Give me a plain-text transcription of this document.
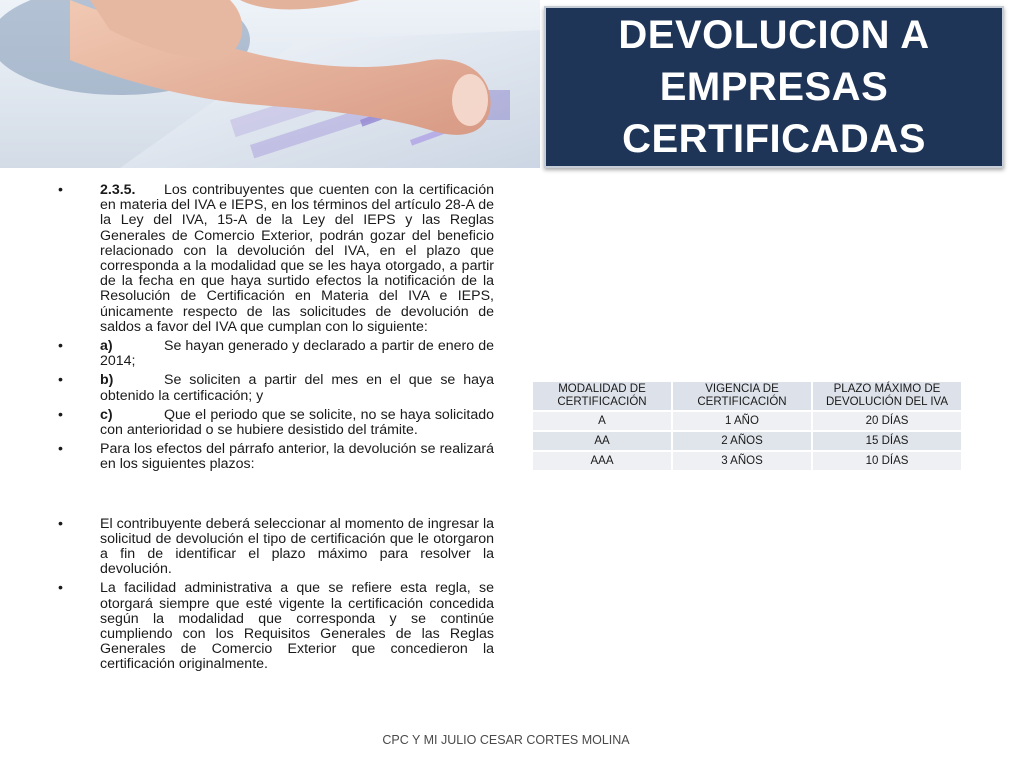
DEVOLUCION A
EMPRESAS
CERTIFICADAS
•	2.3.5. Los contribuyentes que cuenten con la certificación en materia del IVA e IEPS, en los términos del artículo 28-A de la Ley del IVA, 15-A de la Ley del IEPS y las Reglas Generales de Comercio Exterior, podrán gozar del beneficio relacionado con la devolución del IVA, en el plazo que corresponda a la modalidad que se les haya otorgado, a partir de la fecha en que haya surtido efectos la notificación de la Resolución de Certificación en Materia del IVA e IEPS, únicamente respecto de las solicitudes de devolución de saldos a favor del IVA que cumplan con lo siguiente:
•	a)	Se hayan generado y declarado a partir de enero de 2014;
•	b)	Se soliciten a partir del mes en el que se haya obtenido la certificación; y
•	c)	Que el periodo que se solicite, no se haya solicitado con anterioridad o se hubiere desistido del trámite.
•	Para los efectos del párrafo anterior, la devolución se realizará en los siguientes plazos:
•	El contribuyente deberá seleccionar al momento de ingresar la solicitud de devolución el tipo de certificación que le otorgaron a fin de identificar el plazo máximo para resolver la devolución.
•	La facilidad administrativa a que se refiere esta regla, se otorgará siempre que esté vigente la certificación concedida según la modalidad que corresponda y se continúe cumpliendo con los Requisitos Generales de las Reglas Generales de Comercio Exterior que concedieron la certificación originalmente.
MODALIDAD DE CERTIFICACIÓN	VIGENCIA DE CERTIFICACIÓN	PLAZO MÁXIMO DE DEVOLUCIÓN DEL IVA
A	1 AÑO	20 DÍAS
AA	2 AÑOS	15 DÍAS
AAA	3 AÑOS	10 DÍAS
CPC Y MI JULIO CESAR CORTES MOLINA
